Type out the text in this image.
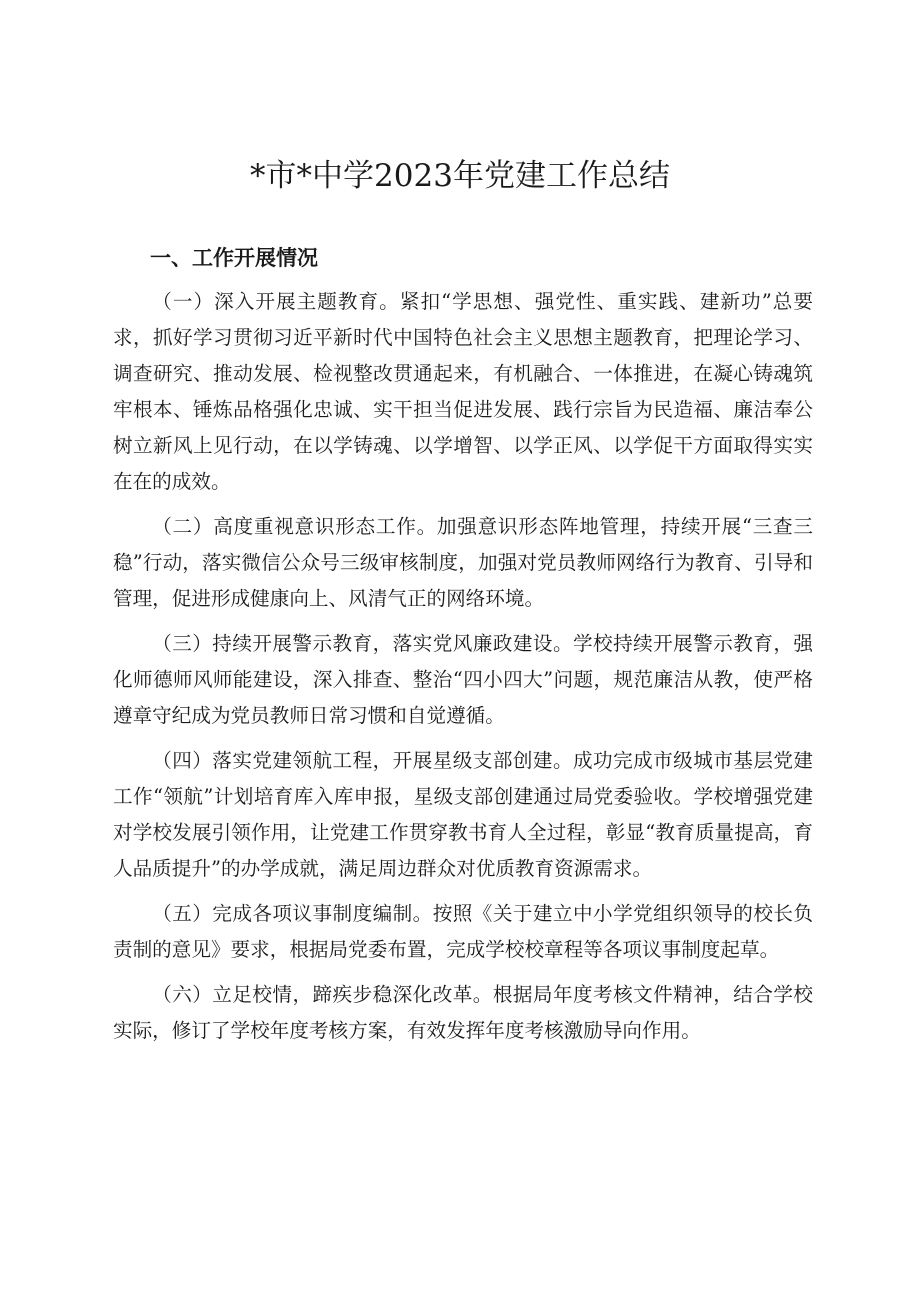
*市*中学2023年党建工作总结
一、工作开展情况

（一）深入开展主题教育。紧扣“学思想、强党性、重实践、建新功”总要求，抓好学习贯彻习近平新时代中国特色社会主义思想主题教育，把理论学习、调查研究、推动发展、检视整改贯通起来，有机融合、一体推进，在凝心铸魂筑牢根本、锤炼品格强化忠诚、实干担当促进发展、践行宗旨为民造福、廉洁奉公树立新风上见行动，在以学铸魂、以学增智、以学正风、以学促干方面取得实实在在的成效。

（二）高度重视意识形态工作。加强意识形态阵地管理，持续开展“三查三稳”行动，落实微信公众号三级审核制度，加强对党员教师网络行为教育、引导和管理，促进形成健康向上、风清气正的网络环境。

（三）持续开展警示教育，落实党风廉政建设。学校持续开展警示教育，强化师德师风师能建设，深入排查、整治“四小四大”问题，规范廉洁从教，使严格遵章守纪成为党员教师日常习惯和自觉遵循。

（四）落实党建领航工程，开展星级支部创建。成功完成市级城市基层党建工作“领航”计划培育库入库申报，星级支部创建通过局党委验收。学校增强党建对学校发展引领作用，让党建工作贯穿教书育人全过程，彰显“教育质量提高，育人品质提升”的办学成就，满足周边群众对优质教育资源需求。

（五）完成各项议事制度编制。按照《关于建立中小学党组织领导的校长负责制的意见》要求，根据局党委布置，完成学校校章程等各项议事制度起草。

（六）立足校情，蹄疾步稳深化改革。根据局年度考核文件精神，结合学校实际，修订了学校年度考核方案，有效发挥年度考核激励导向作用。
